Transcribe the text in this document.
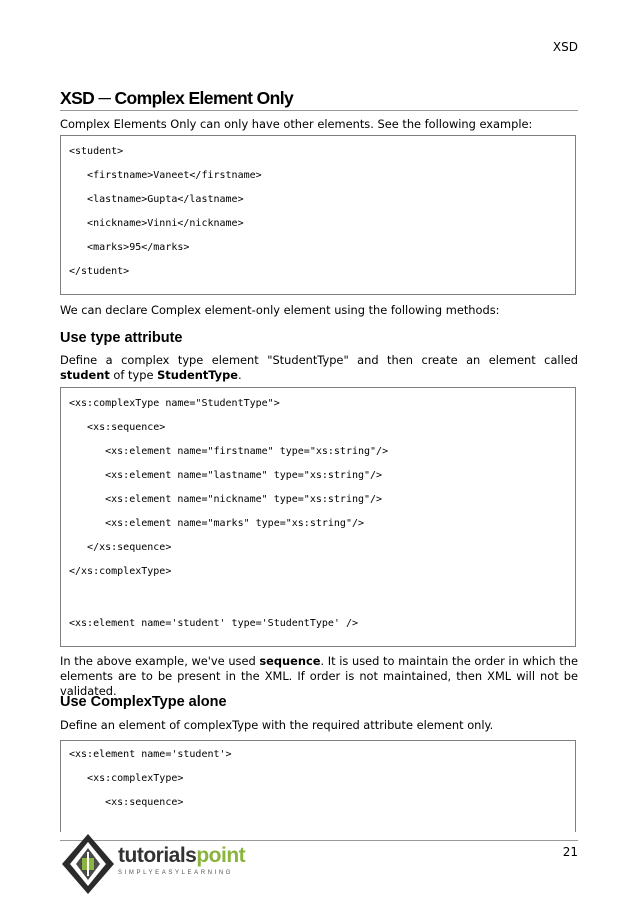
XSD
XSD ─ Complex Element Only
Complex Elements Only can only have other elements. See the following example:
<student>
<firstname>Vaneet</firstname>
<lastname>Gupta</lastname>
<nickname>Vinni</nickname>
<marks>95</marks>
</student>
We can declare Complex element-only element using the following methods:
Use type attribute
Define a complex type element "StudentType" and then create an element called student of type StudentType.
<xs:complexType name="StudentType">
<xs:sequence>
<xs:element name="firstname" type="xs:string"/>
<xs:element name="lastname" type="xs:string"/>
<xs:element name="nickname" type="xs:string"/>
<xs:element name="marks" type="xs:string"/>
</xs:sequence>
</xs:complexType>
<xs:element name='student' type='StudentType' />
In the above example, we've used sequence. It is used to maintain the order in which the elements are to be present in the XML. If order is not maintained, then XML will not be validated.
Use ComplexType alone
Define an element of complexType with the required attribute element only.
<xs:element name='student'>
<xs:complexType>
<xs:sequence>
21
tutorialspoint
SIMPLYEASYLEARNING
